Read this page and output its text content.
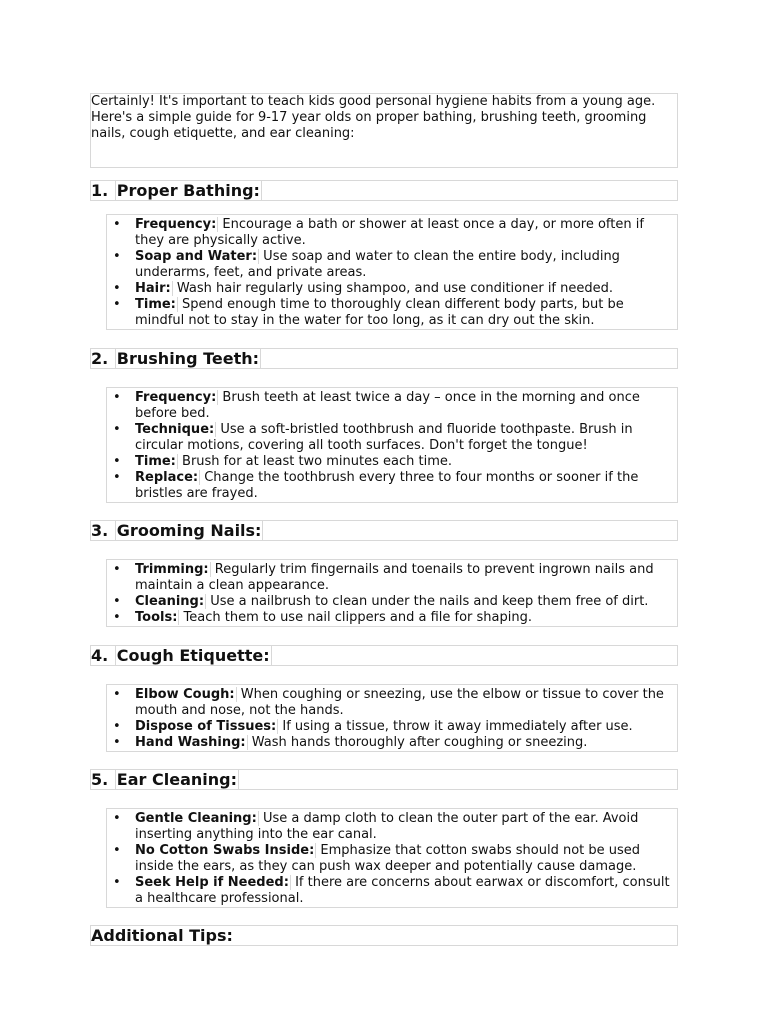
Certainly! It's important to teach kids good personal hygiene habits from a young age. Here's a simple guide for 9-17 year olds on proper bathing, brushing teeth, grooming nails, cough etiquette, and ear cleaning:

1. Proper Bathing:
• Frequency: Encourage a bath or shower at least once a day, or more often if they are physically active.
• Soap and Water: Use soap and water to clean the entire body, including underarms, feet, and private areas.
• Hair: Wash hair regularly using shampoo, and use conditioner if needed.
• Time: Spend enough time to thoroughly clean different body parts, but be mindful not to stay in the water for too long, as it can dry out the skin.
2. Brushing Teeth:
• Frequency: Brush teeth at least twice a day – once in the morning and once before bed.
• Technique: Use a soft-bristled toothbrush and fluoride toothpaste. Brush in circular motions, covering all tooth surfaces. Don't forget the tongue!
• Time: Brush for at least two minutes each time.
• Replace: Change the toothbrush every three to four months or sooner if the bristles are frayed.
3. Grooming Nails:
• Trimming: Regularly trim fingernails and toenails to prevent ingrown nails and maintain a clean appearance.
• Cleaning: Use a nailbrush to clean under the nails and keep them free of dirt.
• Tools: Teach them to use nail clippers and a file for shaping.
4. Cough Etiquette:
• Elbow Cough: When coughing or sneezing, use the elbow or tissue to cover the mouth and nose, not the hands.
• Dispose of Tissues: If using a tissue, throw it away immediately after use.
• Hand Washing: Wash hands thoroughly after coughing or sneezing.
5. Ear Cleaning:
• Gentle Cleaning: Use a damp cloth to clean the outer part of the ear. Avoid inserting anything into the ear canal.
• No Cotton Swabs Inside: Emphasize that cotton swabs should not be used inside the ears, as they can push wax deeper and potentially cause damage.
• Seek Help if Needed: If there are concerns about earwax or discomfort, consult a healthcare professional.
Additional Tips:
